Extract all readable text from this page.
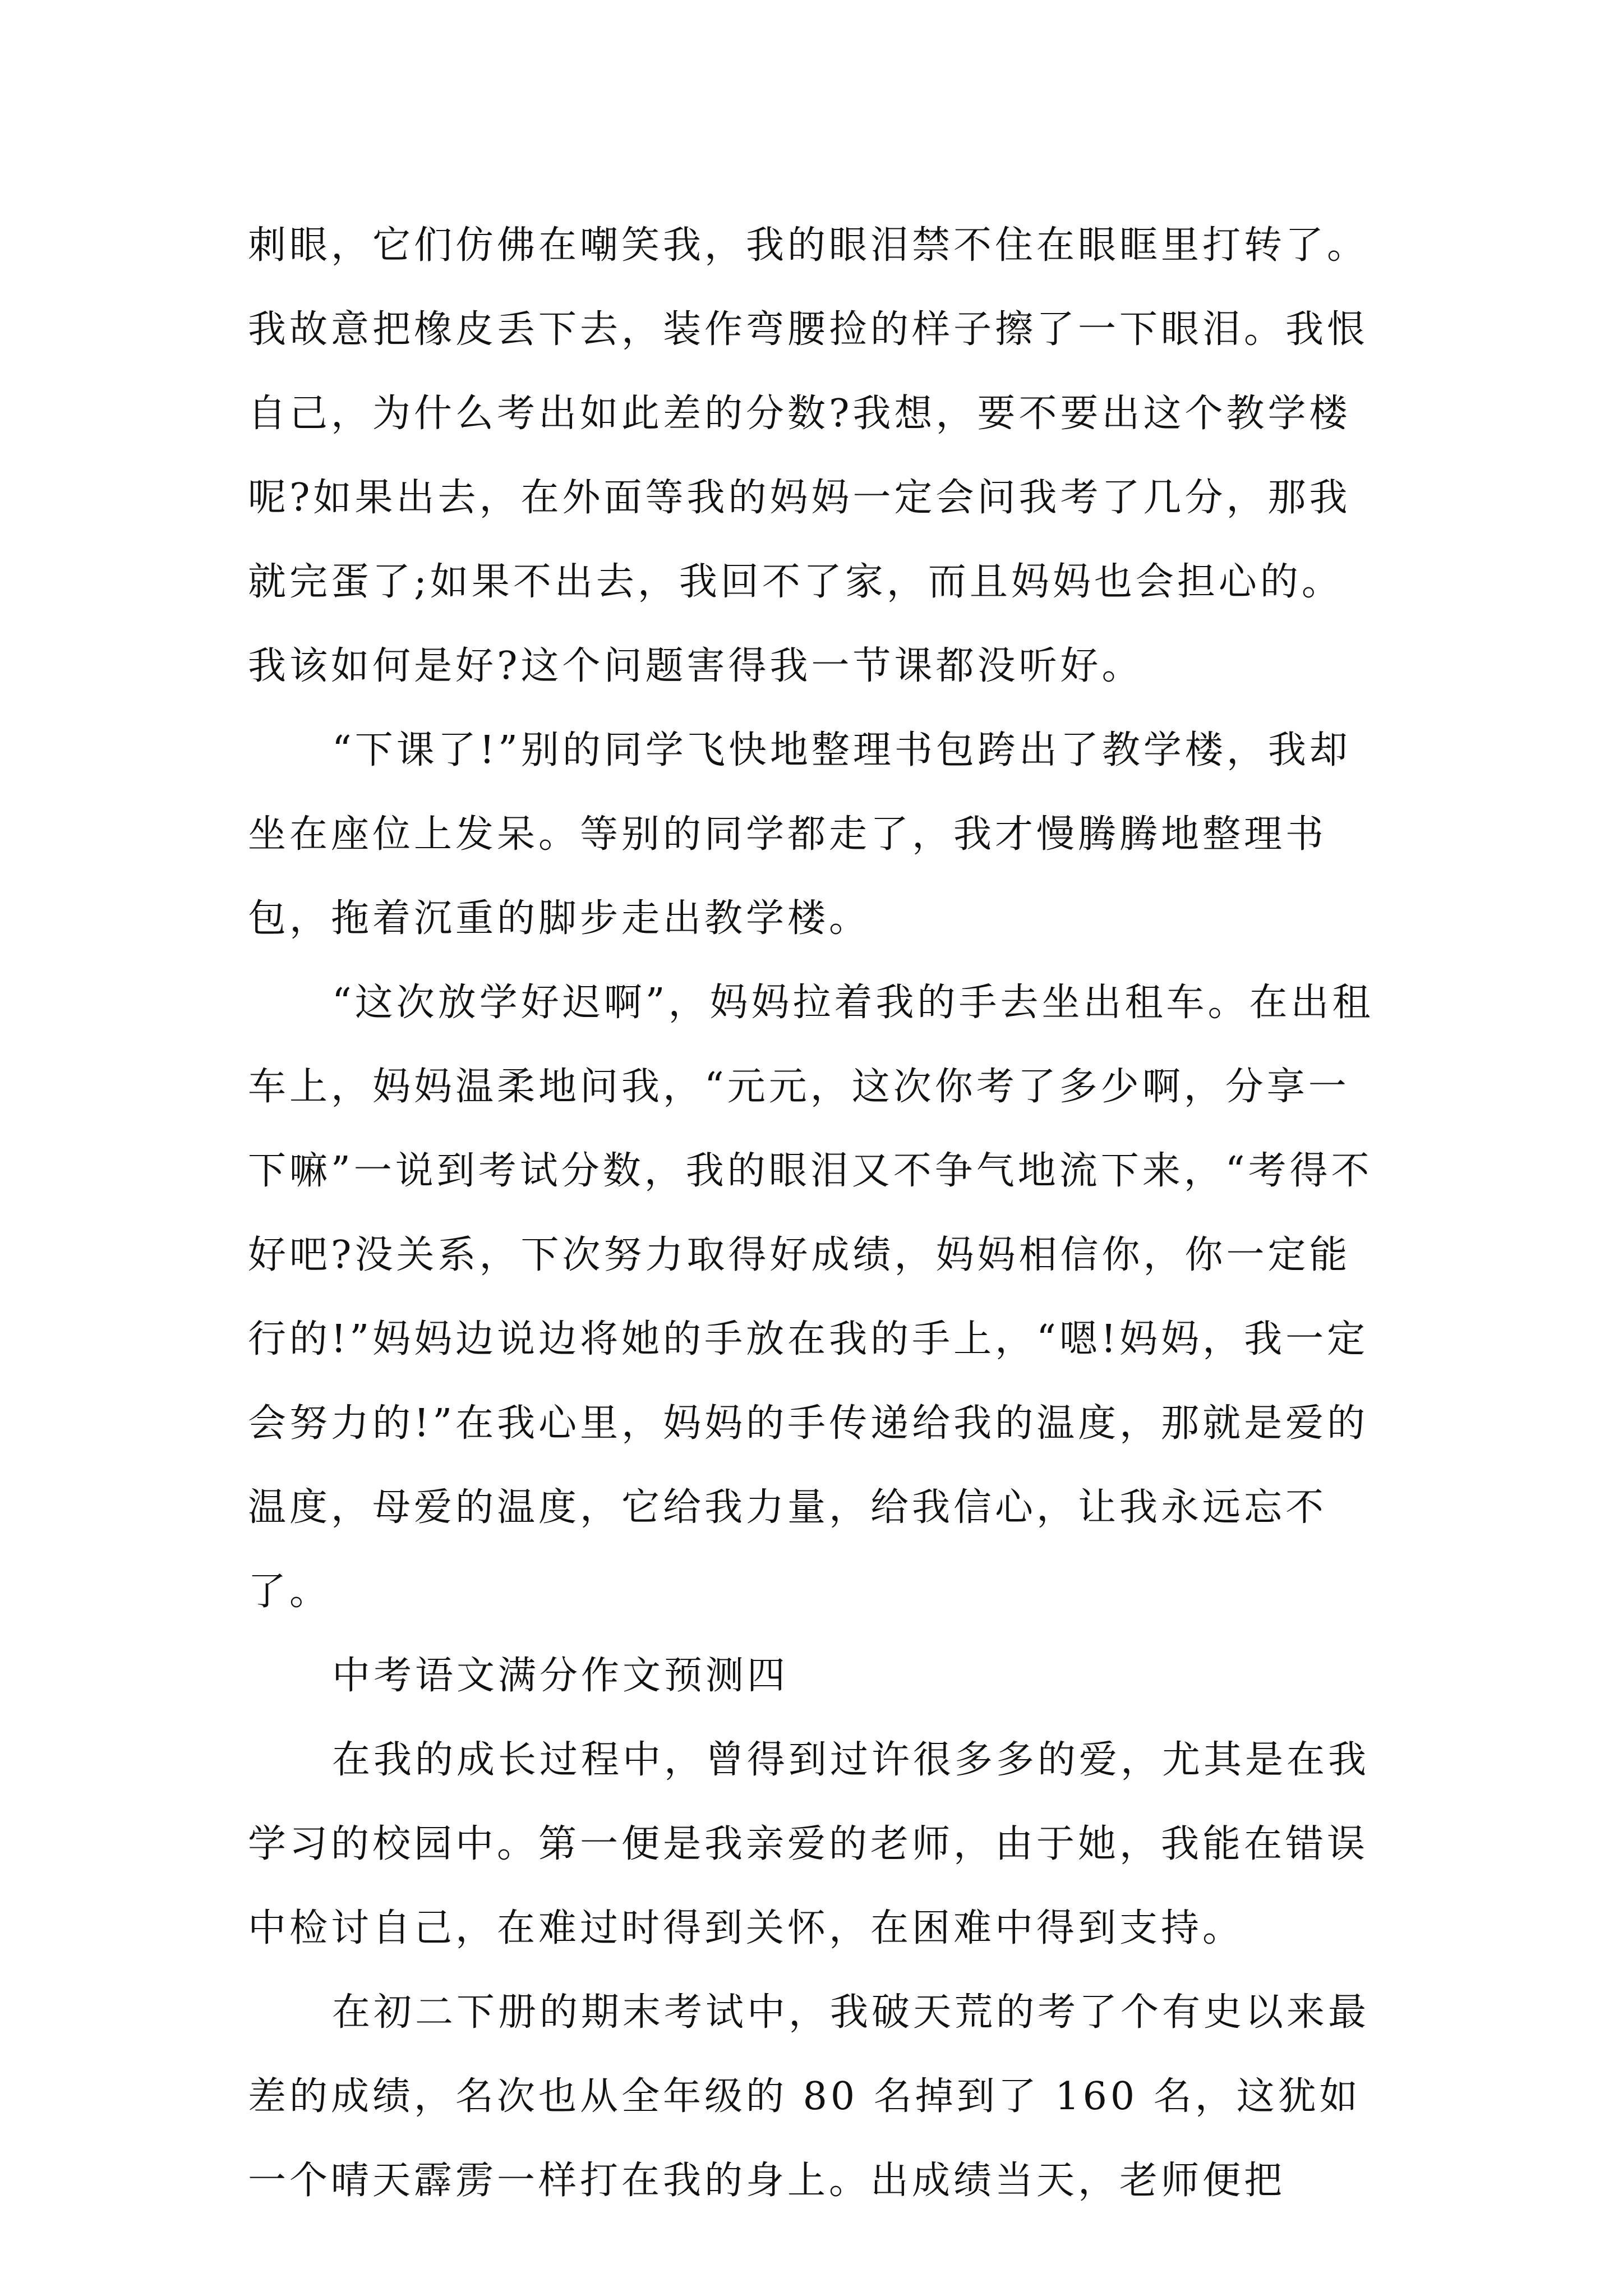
刺眼，它们仿佛在嘲笑我，我的眼泪禁不住在眼眶里打转了。我故意把橡皮丢下去，装作弯腰捡的样子擦了一下眼泪。我恨自己，为什么考出如此差的分数?我想，要不要出这个教学楼呢?如果出去，在外面等我的妈妈一定会问我考了几分，那我就完蛋了;如果不出去，我回不了家，而且妈妈也会担心的。我该如何是好?这个问题害得我一节课都没听好。

“下课了!”别的同学飞快地整理书包跨出了教学楼，我却坐在座位上发呆。等别的同学都走了，我才慢腾腾地整理书包，拖着沉重的脚步走出教学楼。

“这次放学好迟啊”，妈妈拉着我的手去坐出租车。在出租车上，妈妈温柔地问我，“元元，这次你考了多少啊，分享一下嘛”一说到考试分数，我的眼泪又不争气地流下来，“考得不好吧?没关系，下次努力取得好成绩，妈妈相信你，你一定能行的!”妈妈边说边将她的手放在我的手上，“嗯!妈妈，我一定会努力的!”在我心里，妈妈的手传递给我的温度，那就是爱的温度，母爱的温度，它给我力量，给我信心，让我永远忘不了。

中考语文满分作文预测四

在我的成长过程中，曾得到过许很多多的爱，尤其是在我学习的校园中。第一便是我亲爱的老师，由于她，我能在错误中检讨自己，在难过时得到关怀，在困难中得到支持。

在初二下册的期末考试中，我破天荒的考了个有史以来最差的成绩，名次也从全年级的 80 名掉到了 160 名，这犹如一个晴天霹雳一样打在我的身上。出成绩当天，老师便把
